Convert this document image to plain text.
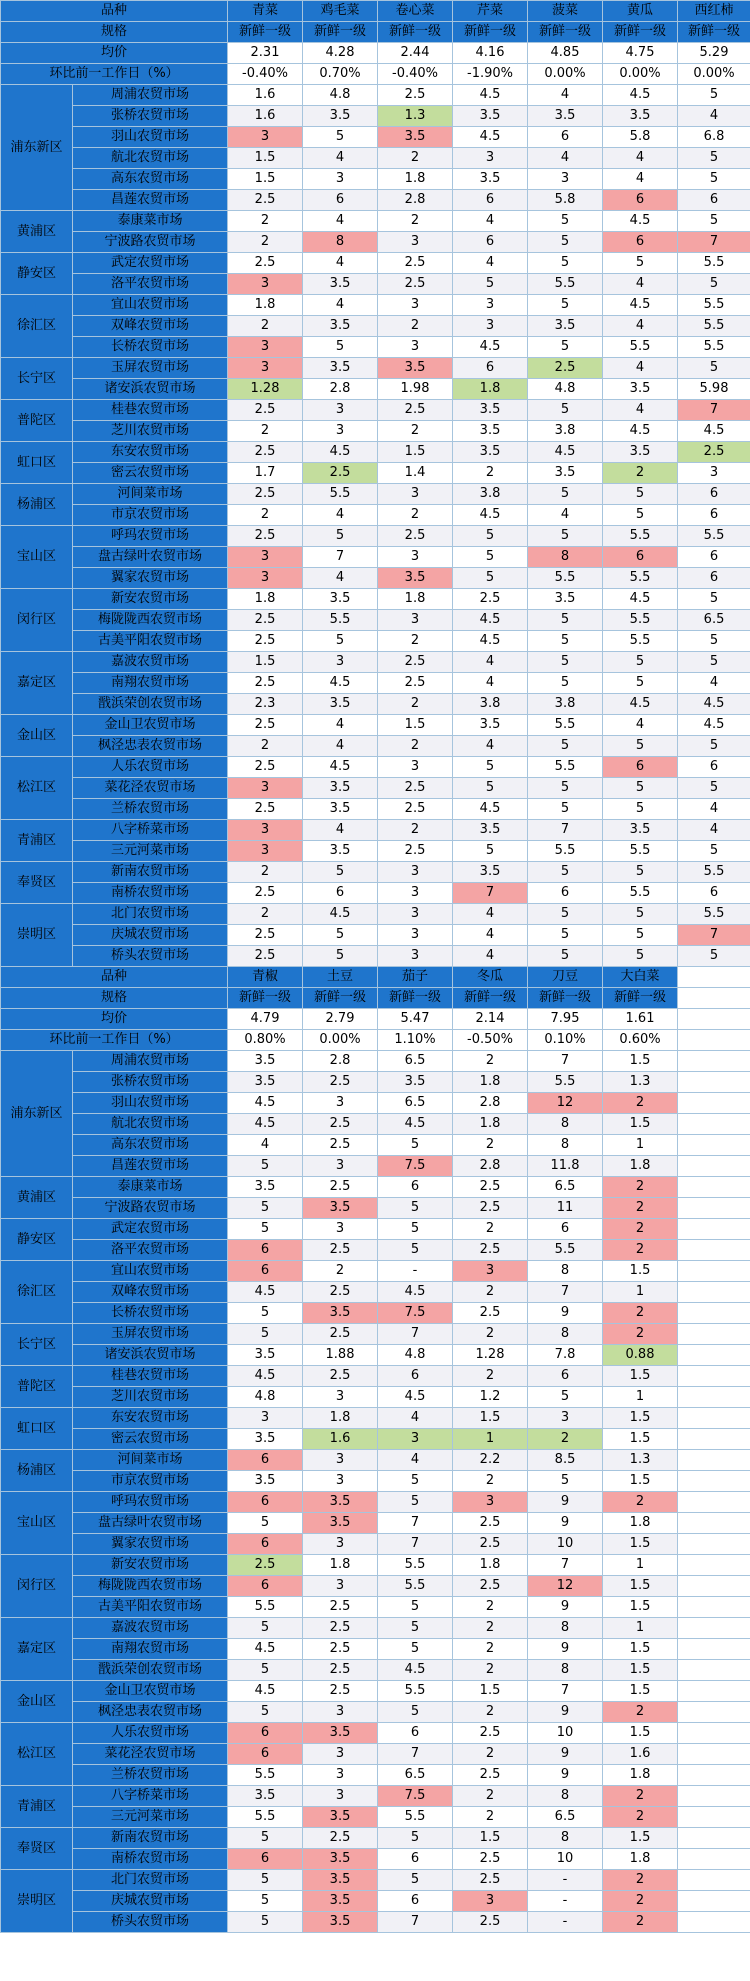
品种		青菜	鸡毛菜	卷心菜	芹菜	菠菜	黄瓜	西红柿
规格		新鲜一级	新鲜一级	新鲜一级	新鲜一级	新鲜一级	新鲜一级	新鲜一级
均价		2.31	4.28	2.44	4.16	4.85	4.75	5.29
环比前一工作日（%）		-0.40%	0.70%	-0.40%	-1.90%	0.00%	0.00%	0.00%
浦东新区	周浦农贸市场	1.6	4.8	2.5	4.5	4	4.5	5
	张桥农贸市场	1.6	3.5	1.3	3.5	3.5	3.5	4
	羽山农贸市场	3	5	3.5	4.5	6	5.8	6.8
	航北农贸市场	1.5	4	2	3	4	4	5
	高东农贸市场	1.5	3	1.8	3.5	3	4	5
	昌莲农贸市场	2.5	6	2.8	6	5.8	6	6
黄浦区	泰康菜市场	2	4	2	4	5	4.5	5
	宁波路农贸市场	2	8	3	6	5	6	7
静安区	武定农贸市场	2.5	4	2.5	4	5	5	5.5
	洛平农贸市场	3	3.5	2.5	5	5.5	4	5
徐汇区	宜山农贸市场	1.8	4	3	3	5	4.5	5.5
	双峰农贸市场	2	3.5	2	3	3.5	4	5.5
	长桥农贸市场	3	5	3	4.5	5	5.5	5.5
长宁区	玉屏农贸市场	3	3.5	3.5	6	2.5	4	5
	诸安浜农贸市场	1.28	2.8	1.98	1.8	4.8	3.5	5.98
普陀区	桂巷农贸市场	2.5	3	2.5	3.5	5	4	7
	芝川农贸市场	2	3	2	3.5	3.8	4.5	4.5
虹口区	东安农贸市场	2.5	4.5	1.5	3.5	4.5	3.5	2.5
	密云农贸市场	1.7	2.5	1.4	2	3.5	2	3
杨浦区	河间菜市场	2.5	5.5	3	3.8	5	5	6
	市京农贸市场	2	4	2	4.5	4	5	6
宝山区	呼玛农贸市场	2.5	5	2.5	5	5	5.5	5.5
	盘古绿叶农贸市场	3	7	3	5	8	6	6
	翼家农贸市场	3	4	3.5	5	5.5	5.5	6
闵行区	新安农贸市场	1.8	3.5	1.8	2.5	3.5	4.5	5
	梅陇陇西农贸市场	2.5	5.5	3	4.5	5	5.5	6.5
	古美平阳农贸市场	2.5	5	2	4.5	5	5.5	5
嘉定区	嘉波农贸市场	1.5	3	2.5	4	5	5	5
	南翔农贸市场	2.5	4.5	2.5	4	5	5	4
	戬浜荣创农贸市场	2.3	3.5	2	3.8	3.8	4.5	4.5
金山区	金山卫农贸市场	2.5	4	1.5	3.5	5.5	4	4.5
	枫泾忠表农贸市场	2	4	2	4	5	5	5
松江区	人乐农贸市场	2.5	4.5	3	5	5.5	6	6
	菜花泾农贸市场	3	3.5	2.5	5	5	5	5
	兰桥农贸市场	2.5	3.5	2.5	4.5	5	5	4
青浦区	八字桥菜市场	3	4	2	3.5	7	3.5	4
	三元河菜市场	3	3.5	2.5	5	5.5	5.5	5
奉贤区	新南农贸市场	2	5	3	3.5	5	5	5.5
	南桥农贸市场	2.5	6	3	7	6	5.5	6
崇明区	北门农贸市场	2	4.5	3	4	5	5	5.5
	庆城农贸市场	2.5	5	3	4	5	5	7
	桥头农贸市场	2.5	5	3	4	5	5	5
品种		青椒	土豆	茄子	冬瓜	刀豆	大白菜	
规格		新鲜一级	新鲜一级	新鲜一级	新鲜一级	新鲜一级	新鲜一级	
均价		4.79	2.79	5.47	2.14	7.95	1.61	
环比前一工作日（%）		0.80%	0.00%	1.10%	-0.50%	0.10%	0.60%	
浦东新区	周浦农贸市场	3.5	2.8	6.5	2	7	1.5	
	张桥农贸市场	3.5	2.5	3.5	1.8	5.5	1.3	
	羽山农贸市场	4.5	3	6.5	2.8	12	2	
	航北农贸市场	4.5	2.5	4.5	1.8	8	1.5	
	高东农贸市场	4	2.5	5	2	8	1	
	昌莲农贸市场	5	3	7.5	2.8	11.8	1.8	
黄浦区	泰康菜市场	3.5	2.5	6	2.5	6.5	2	
	宁波路农贸市场	5	3.5	5	2.5	11	2	
静安区	武定农贸市场	5	3	5	2	6	2	
	洛平农贸市场	6	2.5	5	2.5	5.5	2	
徐汇区	宜山农贸市场	6	2	-	3	8	1.5	
	双峰农贸市场	4.5	2.5	4.5	2	7	1	
	长桥农贸市场	5	3.5	7.5	2.5	9	2	
长宁区	玉屏农贸市场	5	2.5	7	2	8	2	
	诸安浜农贸市场	3.5	1.88	4.8	1.28	7.8	0.88	
普陀区	桂巷农贸市场	4.5	2.5	6	2	6	1.5	
	芝川农贸市场	4.8	3	4.5	1.2	5	1	
虹口区	东安农贸市场	3	1.8	4	1.5	3	1.5	
	密云农贸市场	3.5	1.6	3	1	2	1.5	
杨浦区	河间菜市场	6	3	4	2.2	8.5	1.3	
	市京农贸市场	3.5	3	5	2	5	1.5	
宝山区	呼玛农贸市场	6	3.5	5	3	9	2	
	盘古绿叶农贸市场	5	3.5	7	2.5	9	1.8	
	翼家农贸市场	6	3	7	2.5	10	1.5	
闵行区	新安农贸市场	2.5	1.8	5.5	1.8	7	1	
	梅陇陇西农贸市场	6	3	5.5	2.5	12	1.5	
	古美平阳农贸市场	5.5	2.5	5	2	9	1.5	
嘉定区	嘉波农贸市场	5	2.5	5	2	8	1	
	南翔农贸市场	4.5	2.5	5	2	9	1.5	
	戬浜荣创农贸市场	5	2.5	4.5	2	8	1.5	
金山区	金山卫农贸市场	4.5	2.5	5.5	1.5	7	1.5	
	枫泾忠表农贸市场	5	3	5	2	9	2	
松江区	人乐农贸市场	6	3.5	6	2.5	10	1.5	
	菜花泾农贸市场	6	3	7	2	9	1.6	
	兰桥农贸市场	5.5	3	6.5	2.5	9	1.8	
青浦区	八字桥菜市场	3.5	3	7.5	2	8	2	
	三元河菜市场	5.5	3.5	5.5	2	6.5	2	
奉贤区	新南农贸市场	5	2.5	5	1.5	8	1.5	
	南桥农贸市场	6	3.5	6	2.5	10	1.8	
崇明区	北门农贸市场	5	3.5	5	2.5	-	2	
	庆城农贸市场	5	3.5	6	3	-	2	
	桥头农贸市场	5	3.5	7	2.5	-	2	
